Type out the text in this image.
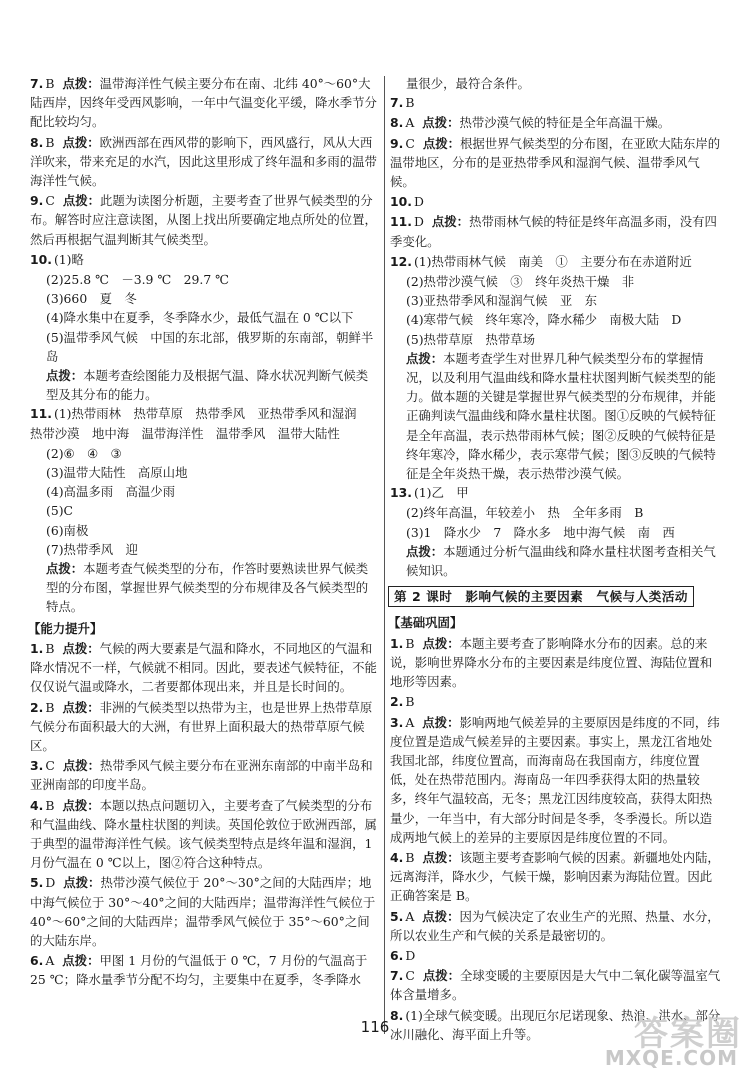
7. B 点拨：温带海洋性气候主要分布在南、北纬 40°～60°大陆西岸，因终年受西风影响，一年中气温变化平缓，降水季节分配比较均匀。
8. B 点拨：欧洲西部在西风带的影响下，西风盛行，风从大西洋吹来，带来充足的水汽，因此这里形成了终年温和多雨的温带海洋性气候。
9. C 点拨：此题为读图分析题，主要考查了世界气候类型的分布。解答时应注意读图，从图上找出所要确定地点所处的位置，然后再根据气温判断其气候类型。
10. (1)略

(2)25.8 ℃　－3.9 ℃　29.7 ℃

(3)660　夏　冬

(4)降水集中在夏季，冬季降水少，最低气温在 0 ℃以下

(5)温带季风气候　中国的东北部，俄罗斯的东南部，朝鲜半岛

点拨：本题考查绘图能力及根据气温、降水状况判断气候类型及其分布的能力。

11. (1)热带雨林　热带草原　热带季风　亚热带季风和湿润　热带沙漠　地中海　温带海洋性　温带季风　温带大陆性

(2)⑥　④　③

(3)温带大陆性　高原山地

(4)高温多雨　高温少雨

(5)C

(6)南极

(7)热带季风　迎

点拨：本题考查气候类型的分布，作答时要熟读世界气候类型的分布图，掌握世界气候类型的分布规律及各气候类型的特点。

【能力提升】
1. B 点拨：气候的两大要素是气温和降水，不同地区的气温和降水情况不一样，气候就不相同。因此，要表述气候特征，不能仅仅说气温或降水，二者要都体现出来，并且是长时间的。
2. B 点拨：非洲的气候类型以热带为主，也是世界上热带草原气候分布面积最大的大洲，有世界上面积最大的热带草原气候区。
3. C 点拨：热带季风气候主要分布在亚洲东南部的中南半岛和亚洲南部的印度半岛。
4. B 点拨：本题以热点问题切入，主要考查了气候类型的分布和气温曲线、降水量柱状图的判读。英国伦敦位于欧洲西部，属于典型的温带海洋性气候。该气候类型特点是终年温和湿润，1月份气温在 0 ℃以上，图②符合这种特点。
5. D 点拨：热带沙漠气候位于 20°～30°之间的大陆西岸；地中海气候位于 30°～40°之间的大陆西岸；温带海洋性气候位于 40°～60°之间的大陆西岸；温带季风气候位于 35°～60°之间的大陆东岸。
6. A 点拨：甲图 1 月份的气温低于 0 ℃，7 月份的气温高于 25 ℃；降水量季节分配不均匀，主要集中在夏季，冬季降水

量很少，最符合条件。

7. B
8. A 点拨：热带沙漠气候的特征是全年高温干燥。
9. C 点拨：根据世界气候类型的分布图，在亚欧大陆东岸的温带地区，分布的是亚热带季风和湿润气候、温带季风气候。
10. D
11. D 点拨：热带雨林气候的特征是终年高温多雨，没有四季变化。
12. (1)热带雨林气候　南美　①　主要分布在赤道附近

(2)热带沙漠气候　③　终年炎热干燥　非

(3)亚热带季风和湿润气候　亚　东

(4)寒带气候　终年寒冷，降水稀少　南极大陆　D

(5)热带草原　热带草场

点拨：本题考查学生对世界几种气候类型分布的掌握情况，以及利用气温曲线和降水量柱状图判断气候类型的能力。做本题的关键是掌握世界气候类型的分布规律，并能正确判读气温曲线和降水量柱状图。图①反映的气候特征是全年高温，表示热带雨林气候；图②反映的气候特征是终年寒冷，降水稀少，表示寒带气候；图③反映的气候特征是全年炎热干燥，表示热带沙漠气候。

13. (1)乙　甲

(2)终年高温，年较差小　热　全年多雨　B

(3)1　降水少　7　降水多　地中海气候　南　西

点拨：本题通过分析气温曲线和降水量柱状图考查相关气候知识。

第 2 课时　影响气候的主要因素　气候与人类活动
【基础巩固】
1. B 点拨：本题主要考查了影响降水分布的因素。总的来说，影响世界降水分布的主要因素是纬度位置、海陆位置和地形等因素。
2. B
3. A 点拨：影响两地气候差异的主要原因是纬度的不同，纬度位置是造成气候差异的主要因素。事实上，黑龙江省地处我国北部，纬度位置高，而海南岛在我国南方，纬度位置低，处在热带范围内。海南岛一年四季获得太阳的热量较多，终年气温较高，无冬；黑龙江因纬度较高，获得太阳热量少，一年当中，有大部分时间是冬季，冬季漫长。所以造成两地气候上的差异的主要原因是纬度位置的不同。
4. B 点拨：该题主要考查影响气候的因素。新疆地处内陆，远离海洋，降水少，气候干燥，影响因素为海陆位置。因此正确答案是 B。
5. A 点拨：因为气候决定了农业生产的光照、热量、水分，所以农业生产和气候的关系是最密切的。
6. D
7. C 点拨：全球变暖的主要原因是大气中二氧化碳等温室气体含量增多。
8. (1)全球气候变暖。出现厄尔尼诺现象、热浪、洪水、部分冰川融化、海平面上升等。
116	答案圈
MXQE.COM
